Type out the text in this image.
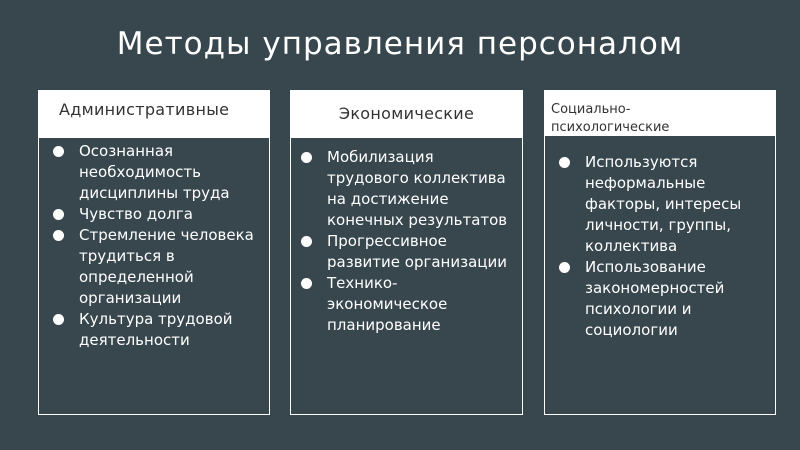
Методы управления персоналом
Административные
Осознанная необходимость дисциплины труда
Чувство долга
Стремление человека трудиться в определенной организации
Культура трудовой деятельности
Экономические
Мобилизация трудового коллектива на достижение конечных результатов
Прогрессивное развитие организации
Технико-экономическое планирование
Социально-психологические
Используются неформальные факторы, интересы личности, группы, коллектива
Использование закономерностей психологии и социологии
